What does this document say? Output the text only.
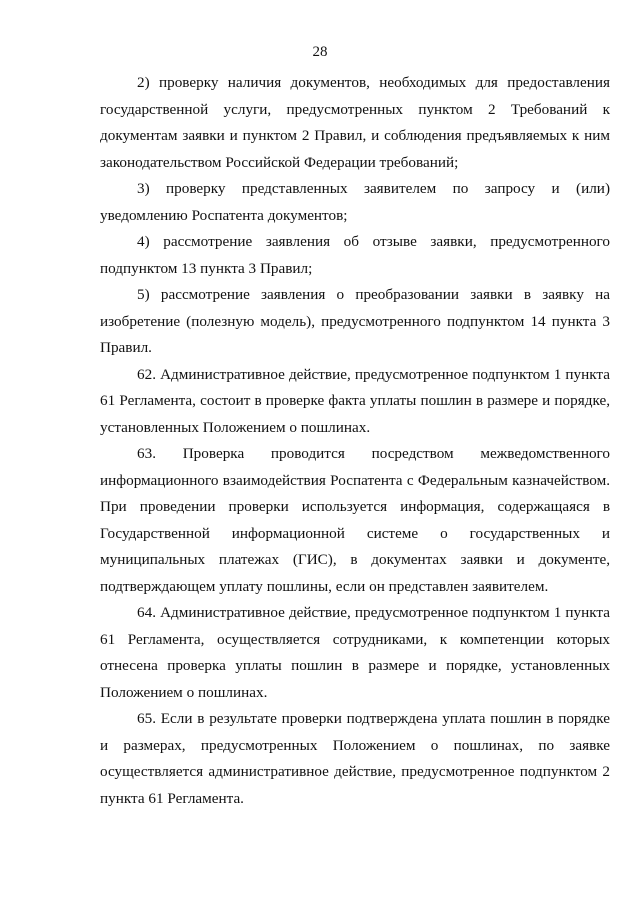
28

2) проверку наличия документов, необходимых для предоставления государственной услуги, предусмотренных пунктом 2 Требований к документам заявки и пунктом 2 Правил, и соблюдения предъявляемых к ним законодательством Российской Федерации требований;

3) проверку представленных заявителем по запросу и (или) уведомлению Роспатента документов;

4) рассмотрение заявления об отзыве заявки, предусмотренного подпунктом 13 пункта 3 Правил;

5) рассмотрение заявления о преобразовании заявки в заявку на изобретение (полезную модель), предусмотренного подпунктом 14 пункта 3 Правил.

62. Административное действие, предусмотренное подпунктом 1 пункта 61 Регламента, состоит в проверке факта уплаты пошлин в размере и порядке, установленных Положением о пошлинах.

63. Проверка проводится посредством межведомственного информационного взаимодействия Роспатента с Федеральным казначейством. При проведении проверки используется информация, содержащаяся в Государственной информационной системе о государственных и муниципальных платежах (ГИС), в документах заявки и документе, подтверждающем уплату пошлины, если он представлен заявителем.

64. Административное действие, предусмотренное подпунктом 1 пункта 61 Регламента, осуществляется сотрудниками, к компетенции которых отнесена проверка уплаты пошлин в размере и порядке, установленных Положением о пошлинах.

65. Если в результате проверки подтверждена уплата пошлин в порядке и размерах, предусмотренных Положением о пошлинах, по заявке осуществляется административное действие, предусмотренное подпунктом 2 пункта 61 Регламента.
